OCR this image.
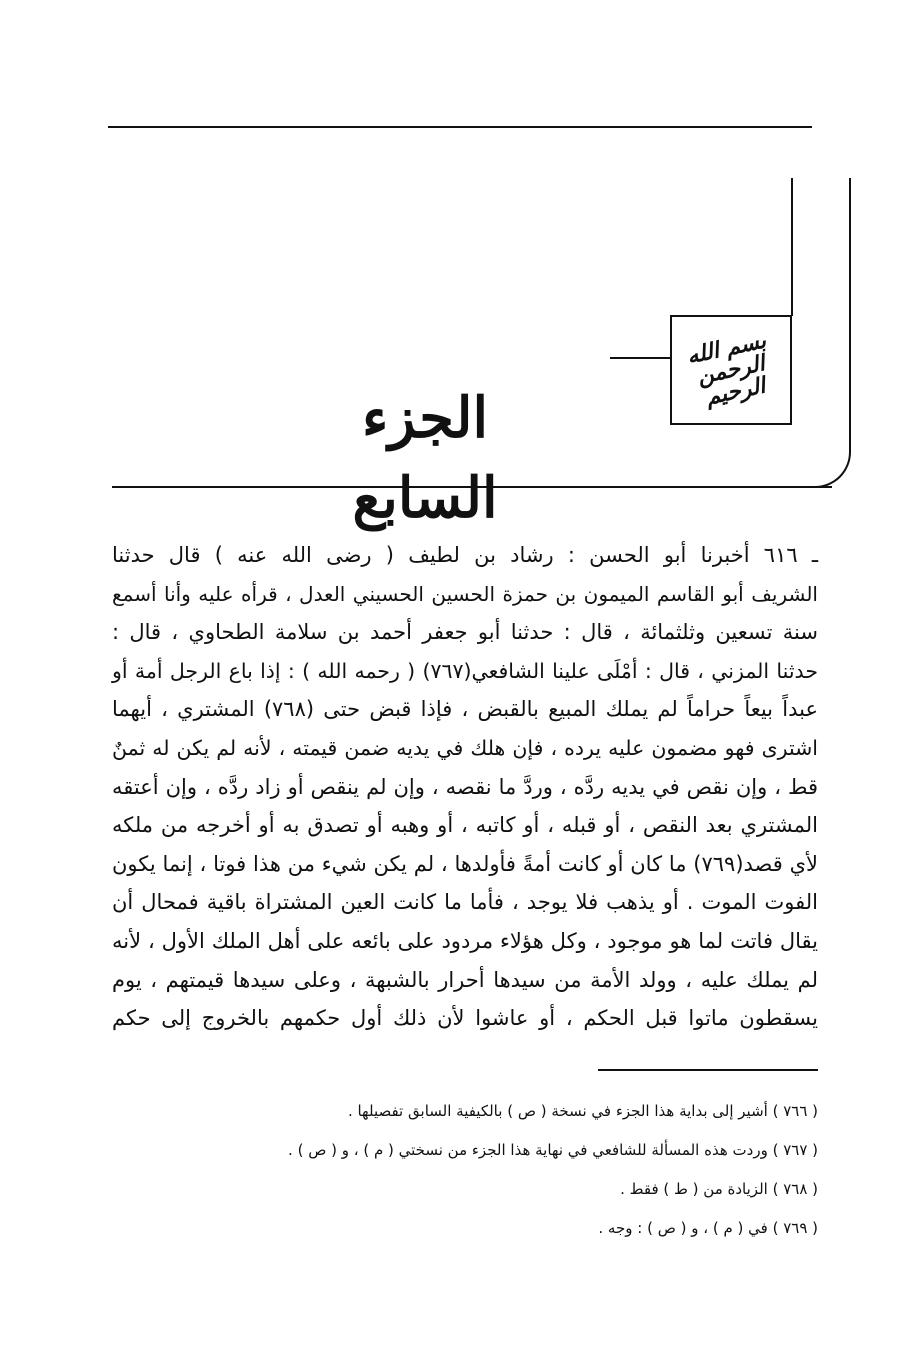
بسم الله الرحمن الرحيم
الجزء السابع
ـ ٦١٦ أخبرنا أبو الحسن : رشاد بن لطيف ( رضى الله عنه ) قال حدثنا
الشريف أبو القاسم الميمون بن حمزة الحسين الحسيني العدل ، قرأه عليه وأنا أسمع
سنة تسعين وثلثمائة ، قال : حدثنا أبو جعفر أحمد بن سلامة الطحاوي ، قال :
حدثنا المزني ، قال : أمْلَى علينا الشافعي(٧٦٧) ( رحمه الله ) : إذا باع الرجل أمة أو
عبداً بيعاً حراماً لم يملك المبيع بالقبض ، فإذا قبض حتى (٧٦٨) المشتري ، أيهما
اشترى فهو مضمون عليه يرده ، فإن هلك في يديه ضمن قيمته ، لأنه لم يكن له ثمنٌ
قط ، وإن نقص في يديه ردَّه ، وردَّ ما نقصه ، وإن لم ينقص أو زاد ردَّه ، وإن أعتقه
المشتري بعد النقص ، أو قبله ، أو كاتبه ، أو وهبه أو تصدق به أو أخرجه من ملكه
لأي قصد(٧٦٩) ما كان أو كانت أمةً فأولدها ، لم يكن شيء من هذا فوتا ، إنما يكون
الفوت الموت . أو يذهب فلا يوجد ، فأما ما كانت العين المشتراة باقية فمحال أن
يقال فاتت لما هو موجود ، وكل هؤلاء مردود على بائعه على أهل الملك الأول ، لأنه
لم يملك عليه ، وولد الأمة من سيدها أحرار بالشبهة ، وعلى سيدها قيمتهم ، يوم
يسقطون ماتوا قبل الحكم ، أو عاشوا لأن ذلك أول حكمهم بالخروج إلى حكم
( ٧٦٦ ) أشير إلى بداية هذا الجزء في نسخة ( ص ) بالكيفية السابق تفصيلها .
( ٧٦٧ ) وردت هذه المسألة للشافعي في نهاية هذا الجزء من نسختي ( م ) ، و ( ص ) .
( ٧٦٨ ) الزيادة من ( ط ) فقط .
( ٧٦٩ ) في ( م ) ، و ( ص ) : وجه .
